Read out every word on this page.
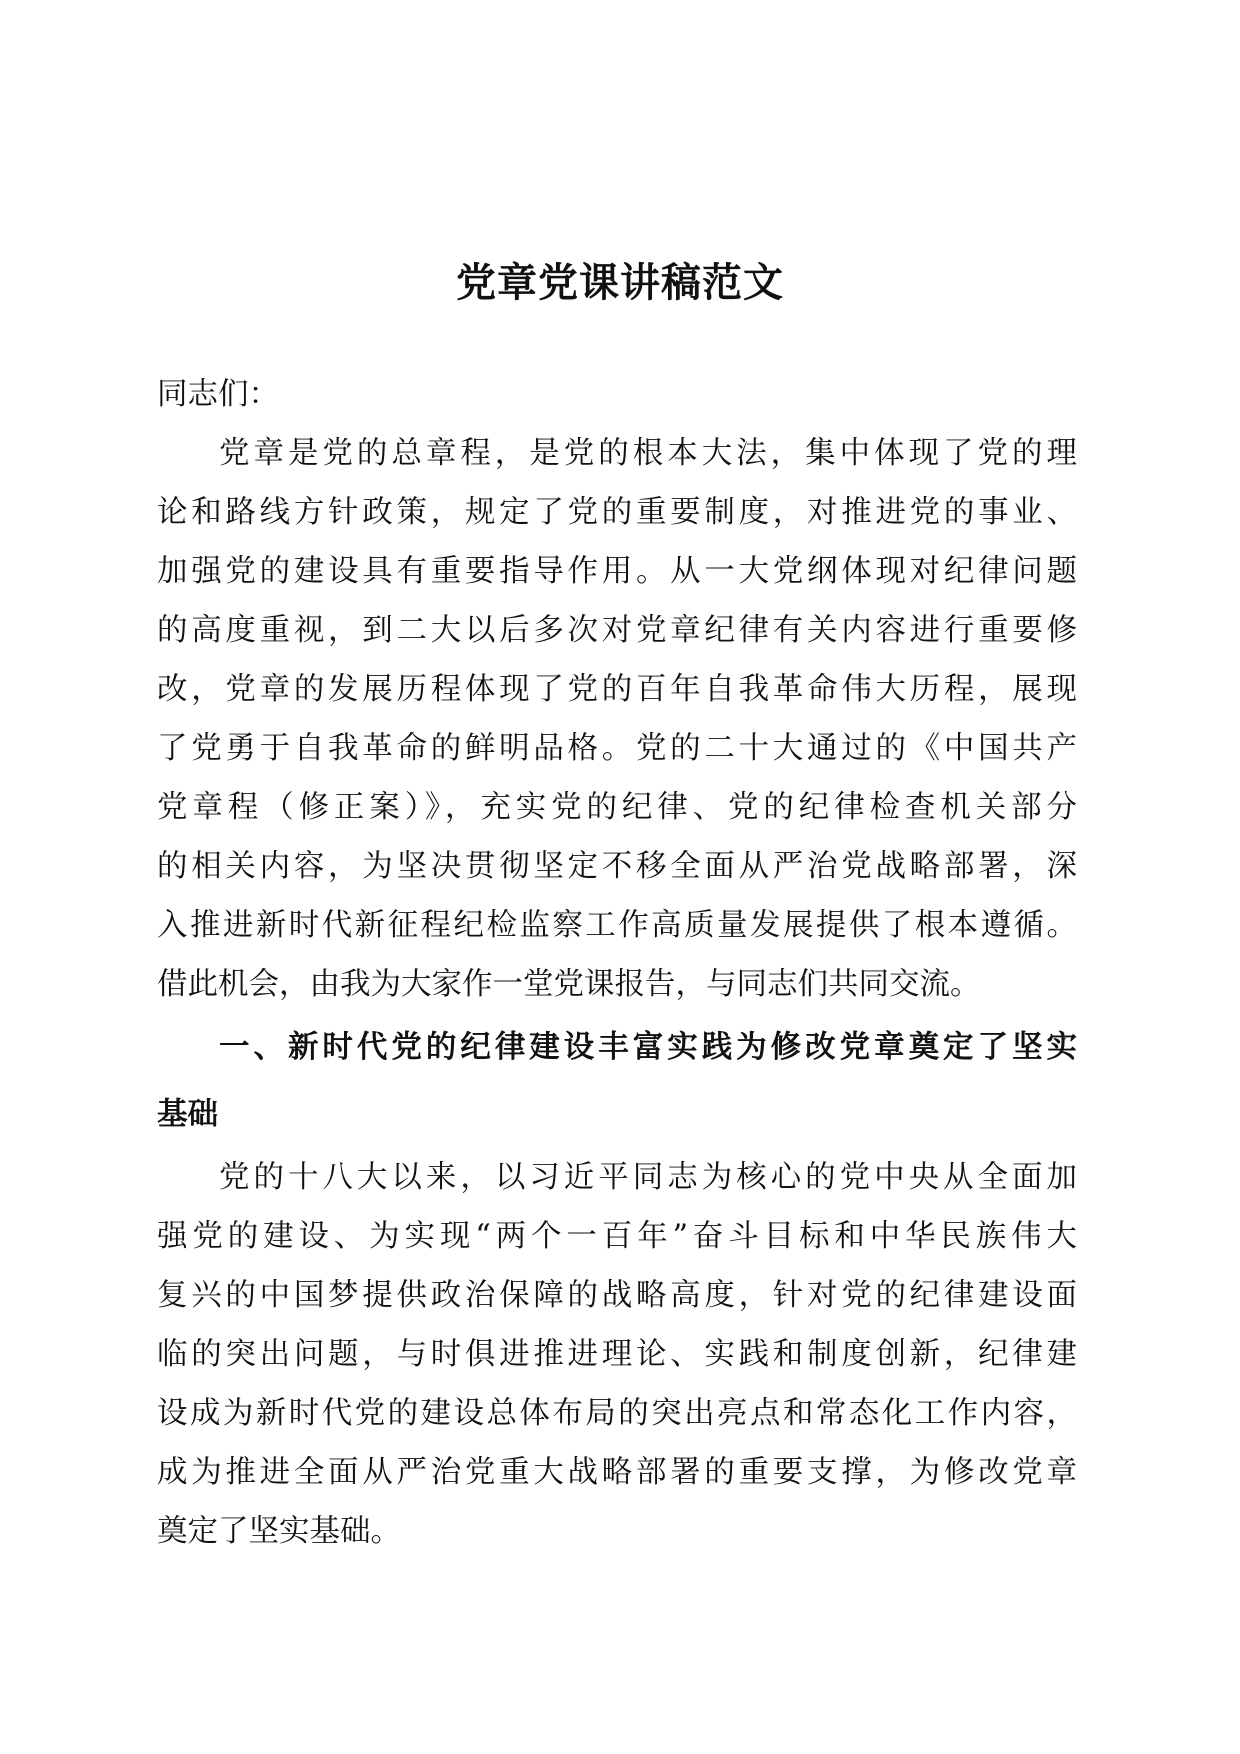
党章党课讲稿范文
同志们：
党章是党的总章程，是党的根本大法，集中体现了党的理
论和路线方针政策，规定了党的重要制度，对推进党的事业、
加强党的建设具有重要指导作用。从一大党纲体现对纪律问题
的高度重视，到二大以后多次对党章纪律有关内容进行重要修
改，党章的发展历程体现了党的百年自我革命伟大历程，展现
了党勇于自我革命的鲜明品格。党的二十大通过的《中国共产
党章程（修正案）》，充实党的纪律、党的纪律检查机关部分
的相关内容，为坚决贯彻坚定不移全面从严治党战略部署，深
入推进新时代新征程纪检监察工作高质量发展提供了根本遵循。
借此机会，由我为大家作一堂党课报告，与同志们共同交流。
一、新时代党的纪律建设丰富实践为修改党章奠定了坚实
基础
党的十八大以来，以习近平同志为核心的党中央从全面加
强党的建设、为实现“两个一百年”奋斗目标和中华民族伟大
复兴的中国梦提供政治保障的战略高度，针对党的纪律建设面
临的突出问题，与时俱进推进理论、实践和制度创新，纪律建
设成为新时代党的建设总体布局的突出亮点和常态化工作内容，
成为推进全面从严治党重大战略部署的重要支撑，为修改党章
奠定了坚实基础。
